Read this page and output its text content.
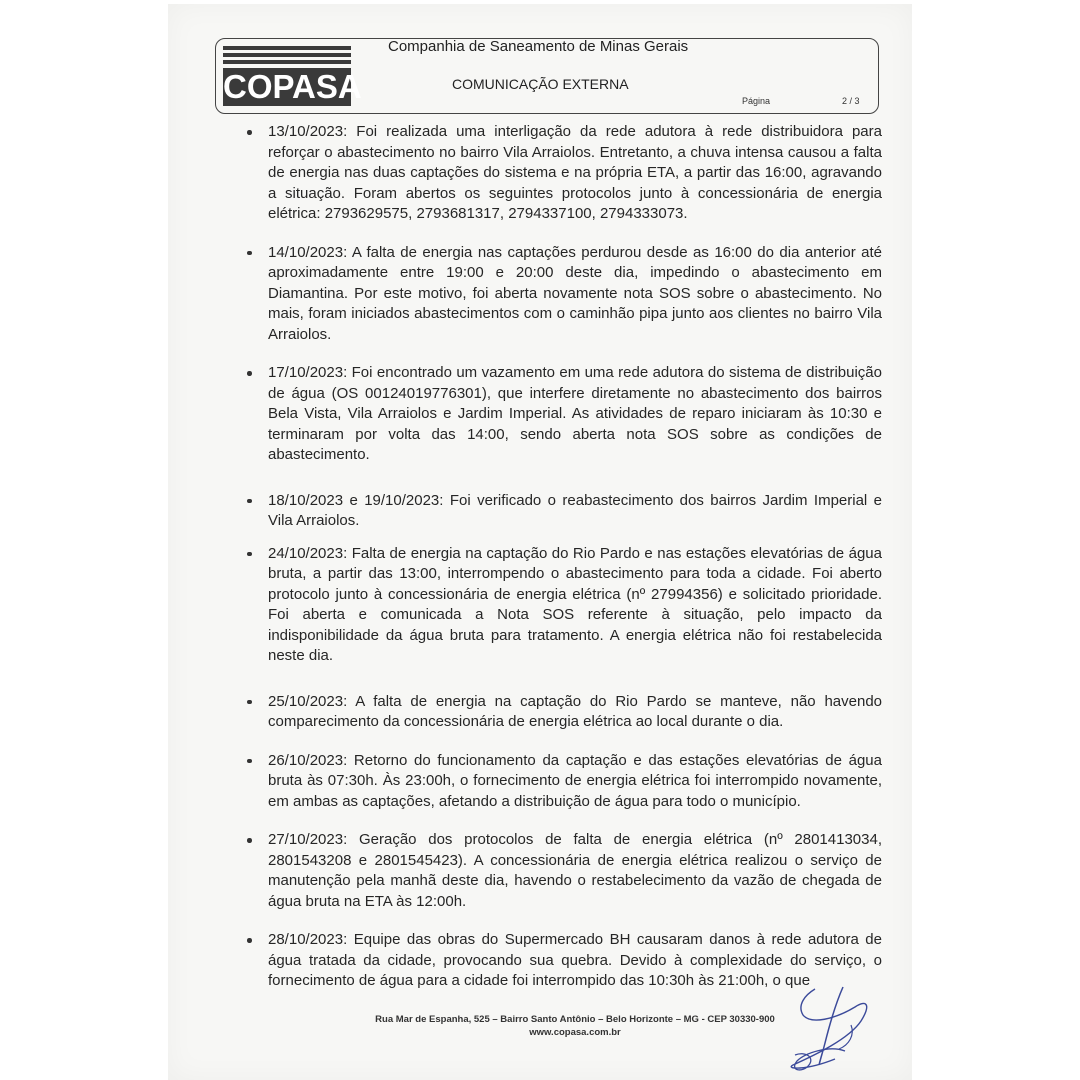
COPASA
Companhia de Saneamento de Minas Gerais
COMUNICAÇÃO EXTERNA
Página	2 / 3
13/10/2023: Foi realizada uma interligação da rede adutora à rede distribuidora para reforçar o abastecimento no bairro Vila Arraiolos. Entretanto, a chuva intensa causou a falta de energia nas duas captações do sistema e na própria ETA, a partir das 16:00, agravando a situação. Foram abertos os seguintes protocolos junto à concessionária de energia elétrica: 2793629575, 2793681317, 2794337100, 2794333073.
14/10/2023: A falta de energia nas captações perdurou desde as 16:00 do dia anterior até aproximadamente entre 19:00 e 20:00 deste dia, impedindo o abastecimento em Diamantina. Por este motivo, foi aberta novamente nota SOS sobre o abastecimento. No mais, foram iniciados abastecimentos com o caminhão pipa junto aos clientes no bairro Vila Arraiolos.
17/10/2023: Foi encontrado um vazamento em uma rede adutora do sistema de distribuição de água (OS 00124019776301), que interfere diretamente no abastecimento dos bairros Bela Vista, Vila Arraiolos e Jardim Imperial. As atividades de reparo iniciaram às 10:30 e terminaram por volta das 14:00, sendo aberta nota SOS sobre as condições de abastecimento.
18/10/2023 e 19/10/2023: Foi verificado o reabastecimento dos bairros Jardim Imperial e Vila Arraiolos.
24/10/2023: Falta de energia na captação do Rio Pardo e nas estações elevatórias de água bruta, a partir das 13:00, interrompendo o abastecimento para toda a cidade. Foi aberto protocolo junto à concessionária de energia elétrica (nº 27994356) e solicitado prioridade. Foi aberta e comunicada a Nota SOS referente à situação, pelo impacto da indisponibilidade da água bruta para tratamento. A energia elétrica não foi restabelecida neste dia.
25/10/2023: A falta de energia na captação do Rio Pardo se manteve, não havendo comparecimento da concessionária de energia elétrica ao local durante o dia.
26/10/2023: Retorno do funcionamento da captação e das estações elevatórias de água bruta às 07:30h. Às 23:00h, o fornecimento de energia elétrica foi interrompido novamente, em ambas as captações, afetando a distribuição de água para todo o município.
27/10/2023: Geração dos protocolos de falta de energia elétrica (nº 2801413034, 2801543208 e 2801545423). A concessionária de energia elétrica realizou o serviço de manutenção pela manhã deste dia, havendo o restabelecimento da vazão de chegada de água bruta na ETA às 12:00h.
28/10/2023: Equipe das obras do Supermercado BH causaram danos à rede adutora de água tratada da cidade, provocando sua quebra. Devido à complexidade do serviço, o fornecimento de água para a cidade foi interrompido das 10:30h às 21:00h, o que
Rua Mar de Espanha, 525 – Bairro Santo Antônio – Belo Horizonte – MG - CEP 30330-900
www.copasa.com.br
